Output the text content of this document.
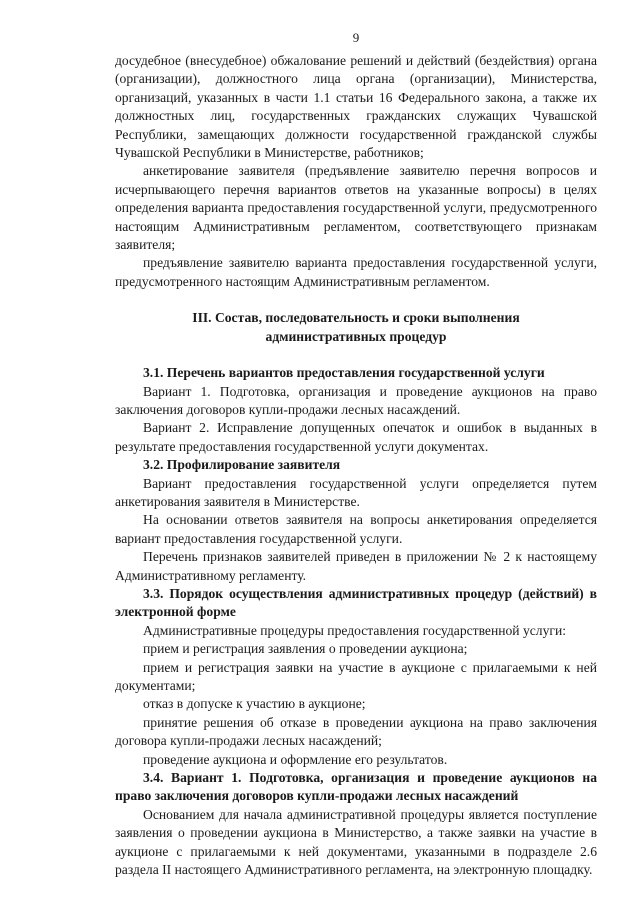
9

досудебное (внесудебное) обжалование решений и действий (бездействия) органа (организации), должностного лица органа (организации), Министерства, организаций, указанных в части 1.1 статьи 16 Федерального закона, а также их должностных лиц, государственных гражданских служащих Чувашской Республики, замещающих должности государственной гражданской службы Чувашской Республики в Министерстве, работников;

анкетирование заявителя (предъявление заявителю перечня вопросов и исчерпывающего перечня вариантов ответов на указанные вопросы) в целях определения варианта предоставления государственной услуги, предусмотренного настоящим Административным регламентом, соответствующего признакам заявителя;

предъявление заявителю варианта предоставления государственной услуги, предусмотренного настоящим Административным регламентом.

III. Состав, последовательность и сроки выполнения
административных процедур
3.1. Перечень вариантов предоставления государственной услуги

Вариант 1. Подготовка, организация и проведение аукционов на право заключения договоров купли-продажи лесных насаждений.

Вариант 2. Исправление допущенных опечаток и ошибок в выданных в результате предоставления государственной услуги документах.

3.2. Профилирование заявителя

Вариант предоставления государственной услуги определяется путем анкетирования заявителя в Министерстве.

На основании ответов заявителя на вопросы анкетирования определяется вариант предоставления государственной услуги.

Перечень признаков заявителей приведен в приложении № 2 к настоящему Административному регламенту.

3.3. Порядок осуществления административных процедур (действий) в электронной форме

Административные процедуры предоставления государственной услуги:

прием и регистрация заявления о проведении аукциона;

прием и регистрация заявки на участие в аукционе с прилагаемыми к ней документами;

отказ в допуске к участию в аукционе;

принятие решения об отказе в проведении аукциона на право заключения договора купли-продажи лесных насаждений;

проведение аукциона и оформление его результатов.

3.4. Вариант 1. Подготовка, организация и проведение аукционов на право заключения договоров купли-продажи лесных насаждений

Основанием для начала административной процедуры является поступление заявления о проведении аукциона в Министерство, а также заявки на участие в аукционе с прилагаемыми к ней документами, указанными в подразделе 2.6 раздела II настоящего Административного регламента, на электронную площадку.
